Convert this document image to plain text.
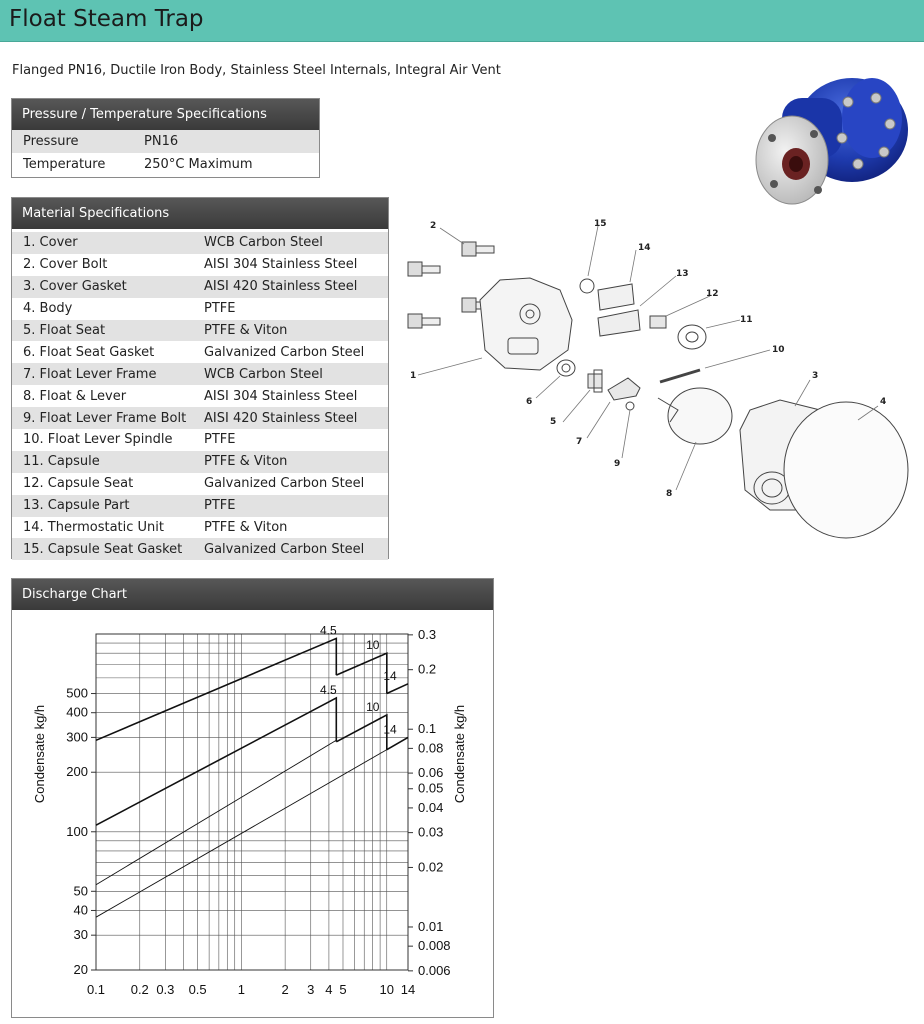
Float Steam Trap
Flanged PN16, Ductile Iron Body, Stainless Steel Internals, Integral Air Vent
Pressure / Temperature Specifications
Pressure	PN16
Temperature	250°C Maximum
Material Specifications
1. Cover	WCB Carbon Steel
2. Cover Bolt	AISI 304 Stainless Steel
3. Cover Gasket	AISI 420 Stainless Steel
4. Body	PTFE
5. Float Seat	PTFE & Viton
6. Float Seat Gasket	Galvanized Carbon Steel
7. Float Lever Frame	WCB Carbon Steel
8. Float & Lever	AISI 304 Stainless Steel
9. Float Lever Frame Bolt	AISI 420 Stainless Steel
10. Float Lever Spindle	PTFE
11. Capsule	PTFE & Viton
12. Capsule Seat	Galvanized Carbon Steel
13. Capsule Part	PTFE
14. Thermostatic Unit	PTFE & Viton
15. Capsule Seat Gasket	Galvanized Carbon Steel
1
2
3
4
5
6
7
8
9
10
11
12
13
14
15
Discharge Chart
4.5
10
14
4.5
10
14
0.1 0.2 0.3 0.5 1	2 3 4 5	10 14
20
30
40
50
100
200
300
400
500
0.3
0.2
0.1
0.08
0.06
0.05
0.04
0.03
0.02
0.01
0.008
0.006
Condensate kg/h	Condensate kg/h
